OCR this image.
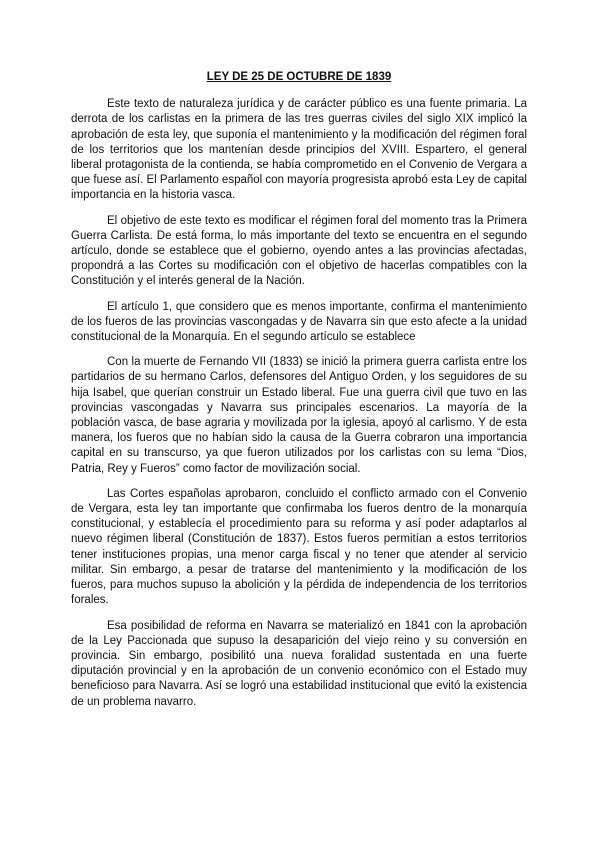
LEY DE 25 DE OCTUBRE DE 1839

Este texto de naturaleza jurídica y de carácter público es una fuente primaria. La derrota de los carlistas en la primera de las tres guerras civiles del siglo XIX implicó la aprobación de esta ley, que suponía el mantenimiento y la modificación del régimen foral de los territorios que los mantenían desde principios del XVIII. Espartero, el general liberal protagonista de la contienda, se había comprometido en el Convenio de Vergara a que fuese así. El Parlamento español con mayoría progresista aprobó esta Ley de capital importancia en la historia vasca.

El objetivo de este texto es modificar el régimen foral del momento tras la Primera Guerra Carlista. De está forma, lo más importante del texto se encuentra en el segundo artículo, donde se establece que el gobierno, oyendo antes a las provincias afectadas, propondrá a las Cortes su modificación con el objetivo de hacerlas compatibles con la Constitución y el interés general de la Nación.

El artículo 1, que considero que es menos importante, confirma el mantenimiento de los fueros de las provincias vascongadas y de Navarra sin que esto afecte a la unidad constitucional de la Monarquía. En el segundo artículo se establece

Con la muerte de Fernando VII (1833) se inició la primera guerra carlista entre los partidarios de su hermano Carlos, defensores del Antiguo Orden, y los seguidores de su hija Isabel, que querían construir un Estado liberal. Fue una guerra civil que tuvo en las provincias vascongadas y Navarra sus principales escenarios. La mayoría de la población vasca, de base agraria y movilizada por la iglesia, apoyó al carlismo. Y de esta manera, los fueros que no habían sido la causa de la Guerra cobraron una importancia capital en su transcurso, ya que fueron utilizados por los carlistas con su lema “Dios, Patria, Rey y Fueros” como factor de movilización social.

Las Cortes españolas aprobaron, concluido el conflicto armado con el Convenio de Vergara, esta ley tan importante que confirmaba los fueros dentro de la monarquía constitucional, y establecía el procedimiento para su reforma y así poder adaptarlos al nuevo régimen liberal (Constitución de 1837). Estos fueros permitían a estos territorios tener instituciones propias, una menor carga fiscal y no tener que atender al servicio militar. Sin embargo, a pesar de tratarse del mantenimiento y la modificación de los fueros, para muchos supuso la abolición y la pérdida de independencia de los territorios forales.

Esa posibilidad de reforma en Navarra se materializó en 1841 con la aprobación de la Ley Paccionada que supuso la desaparición del viejo reino y su conversión en provincia. Sin embargo, posibilitó una nueva foralidad sustentada en una fuerte diputación provincial y en la aprobación de un convenio económico con el Estado muy beneficioso para Navarra. Así se logró una estabilidad institucional que evitó la existencia de un problema navarro.
